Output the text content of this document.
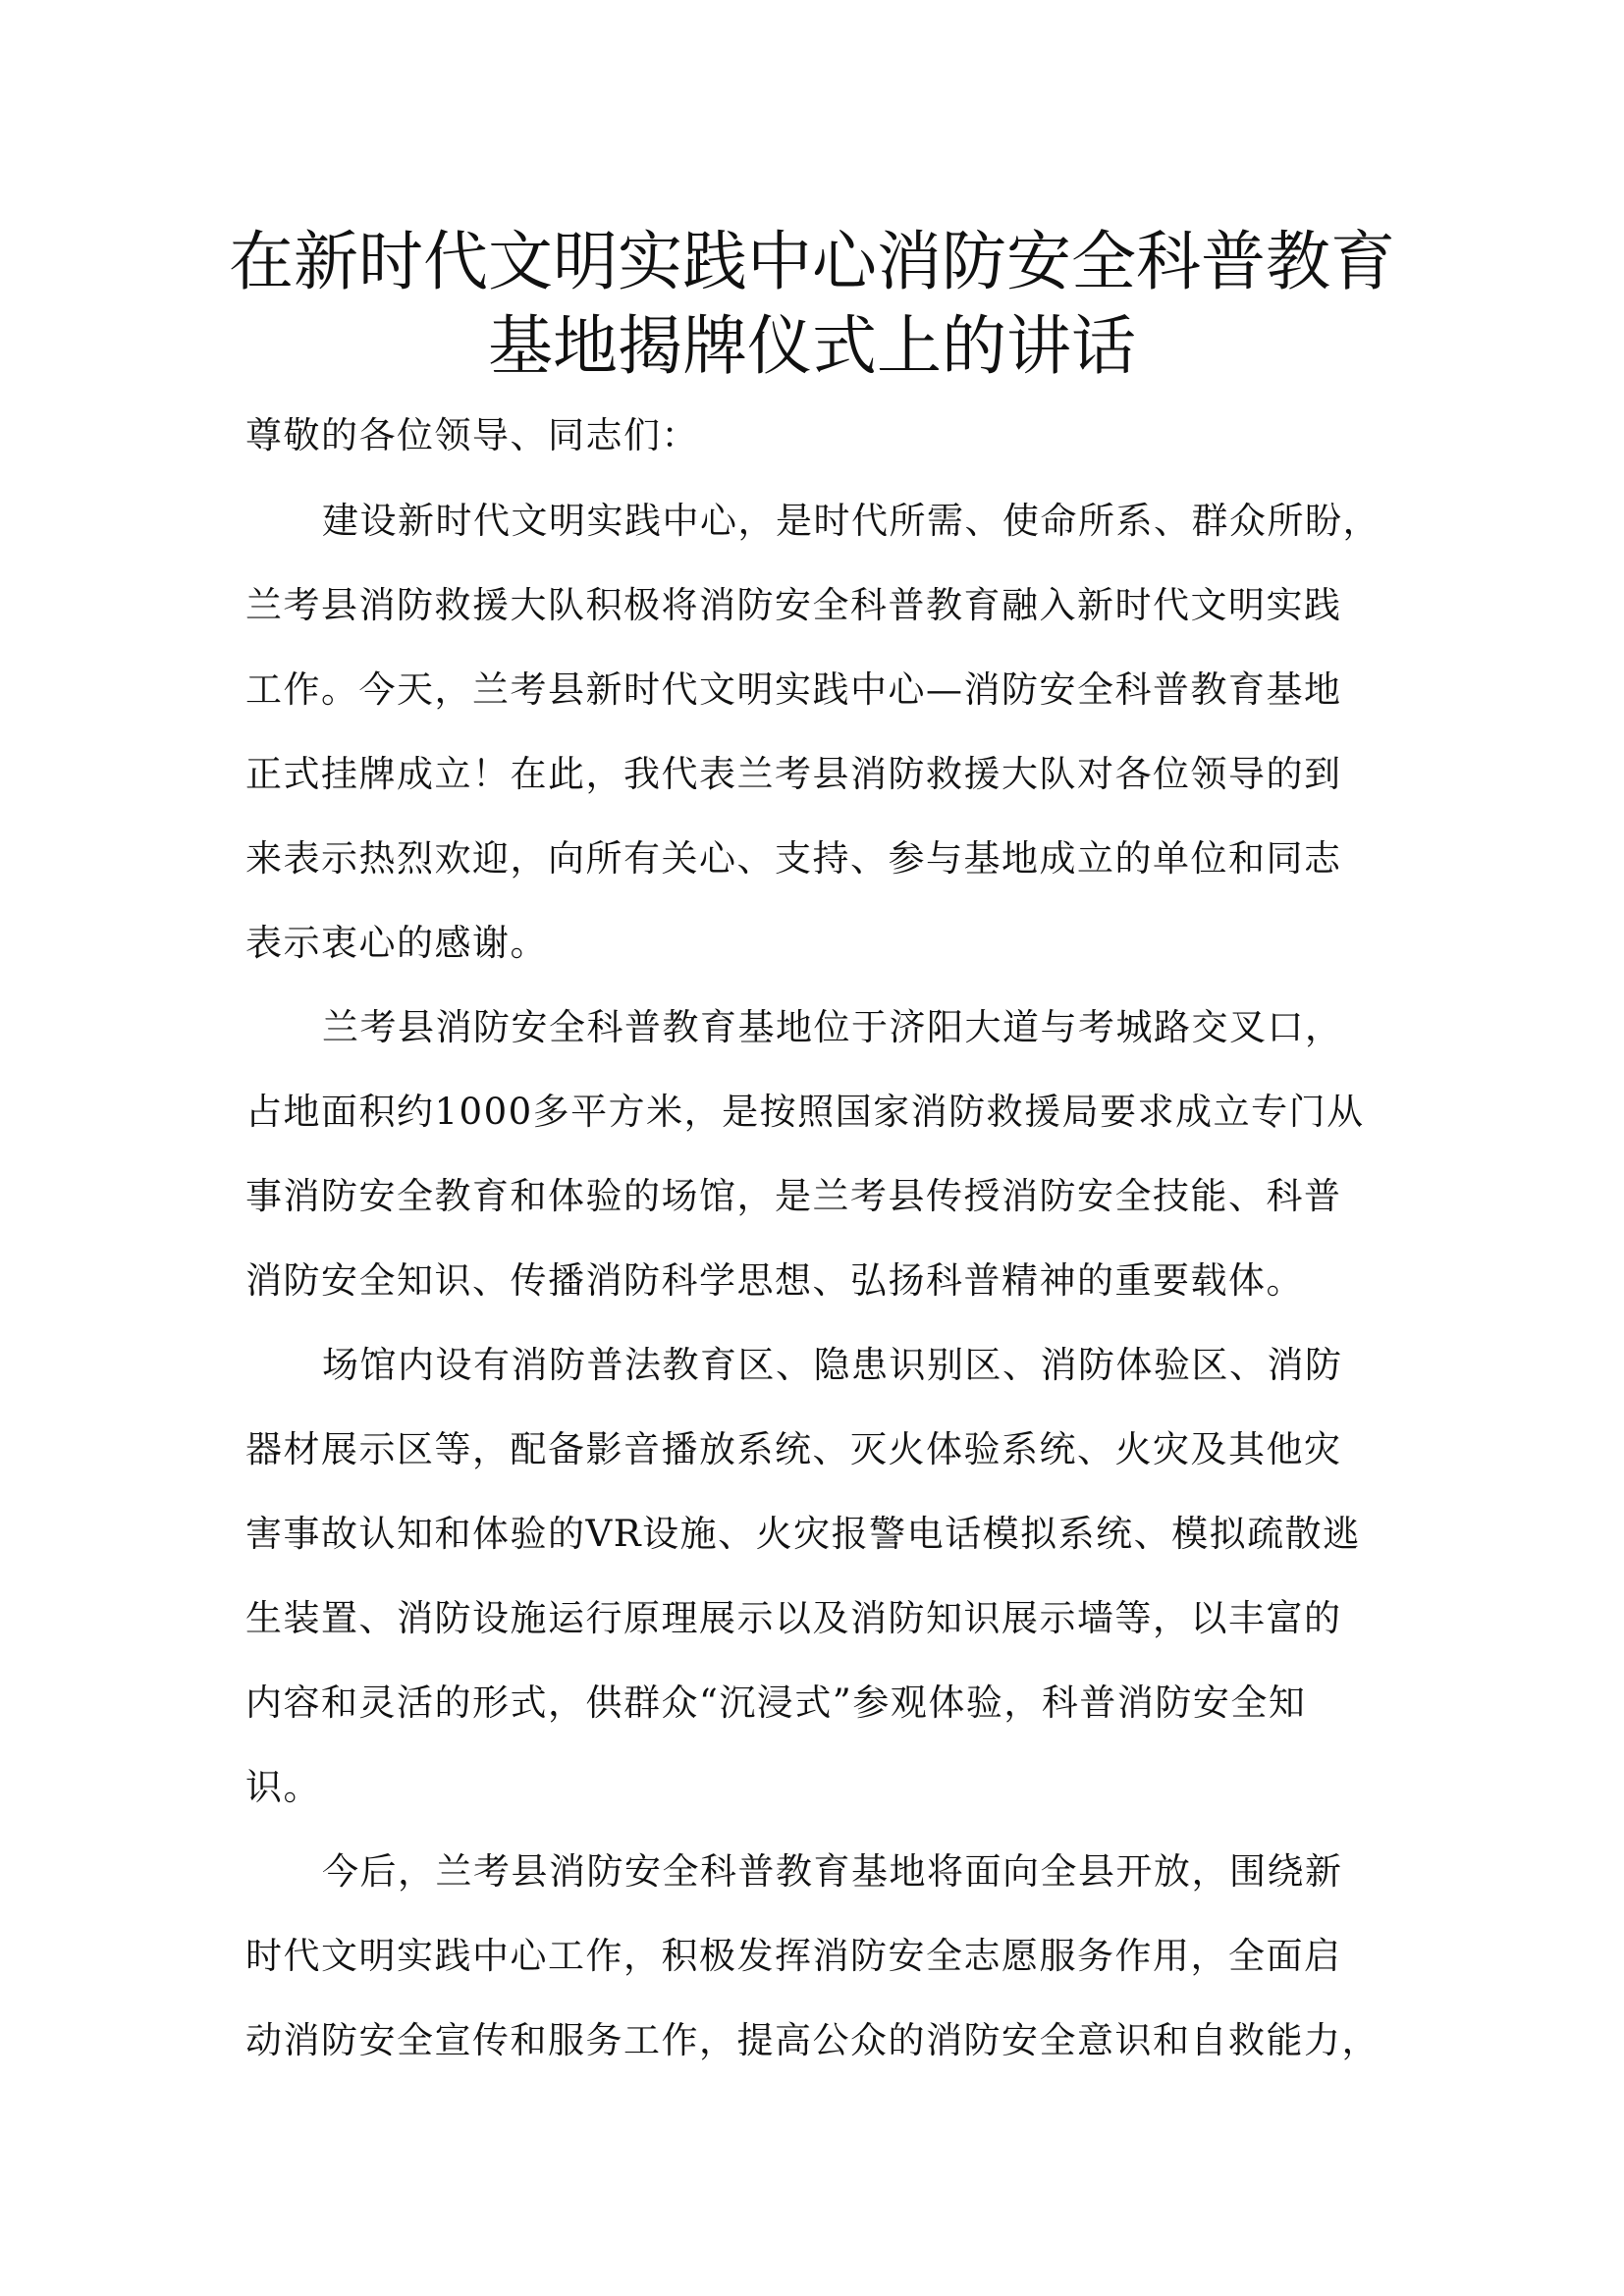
在新时代文明实践中心消防安全科普教育
基地揭牌仪式上的讲话
尊敬的各位领导、同志们：
建设新时代文明实践中心，是时代所需、使命所系、群众所盼，
兰考县消防救援大队积极将消防安全科普教育融入新时代文明实践
工作。今天，兰考县新时代文明实践中心—消防安全科普教育基地
正式挂牌成立！在此，我代表兰考县消防救援大队对各位领导的到
来表示热烈欢迎，向所有关心、支持、参与基地成立的单位和同志
表示衷心的感谢。
兰考县消防安全科普教育基地位于济阳大道与考城路交叉口，
占地面积约1000多平方米，是按照国家消防救援局要求成立专门从
事消防安全教育和体验的场馆，是兰考县传授消防安全技能、科普
消防安全知识、传播消防科学思想、弘扬科普精神的重要载体。
场馆内设有消防普法教育区、隐患识别区、消防体验区、消防
器材展示区等，配备影音播放系统、灭火体验系统、火灾及其他灾
害事故认知和体验的VR设施、火灾报警电话模拟系统、模拟疏散逃
生装置、消防设施运行原理展示以及消防知识展示墙等，以丰富的
内容和灵活的形式，供群众“沉浸式”参观体验，科普消防安全知
识。
今后，兰考县消防安全科普教育基地将面向全县开放，围绕新
时代文明实践中心工作，积极发挥消防安全志愿服务作用，全面启
动消防安全宣传和服务工作，提高公众的消防安全意识和自救能力，
